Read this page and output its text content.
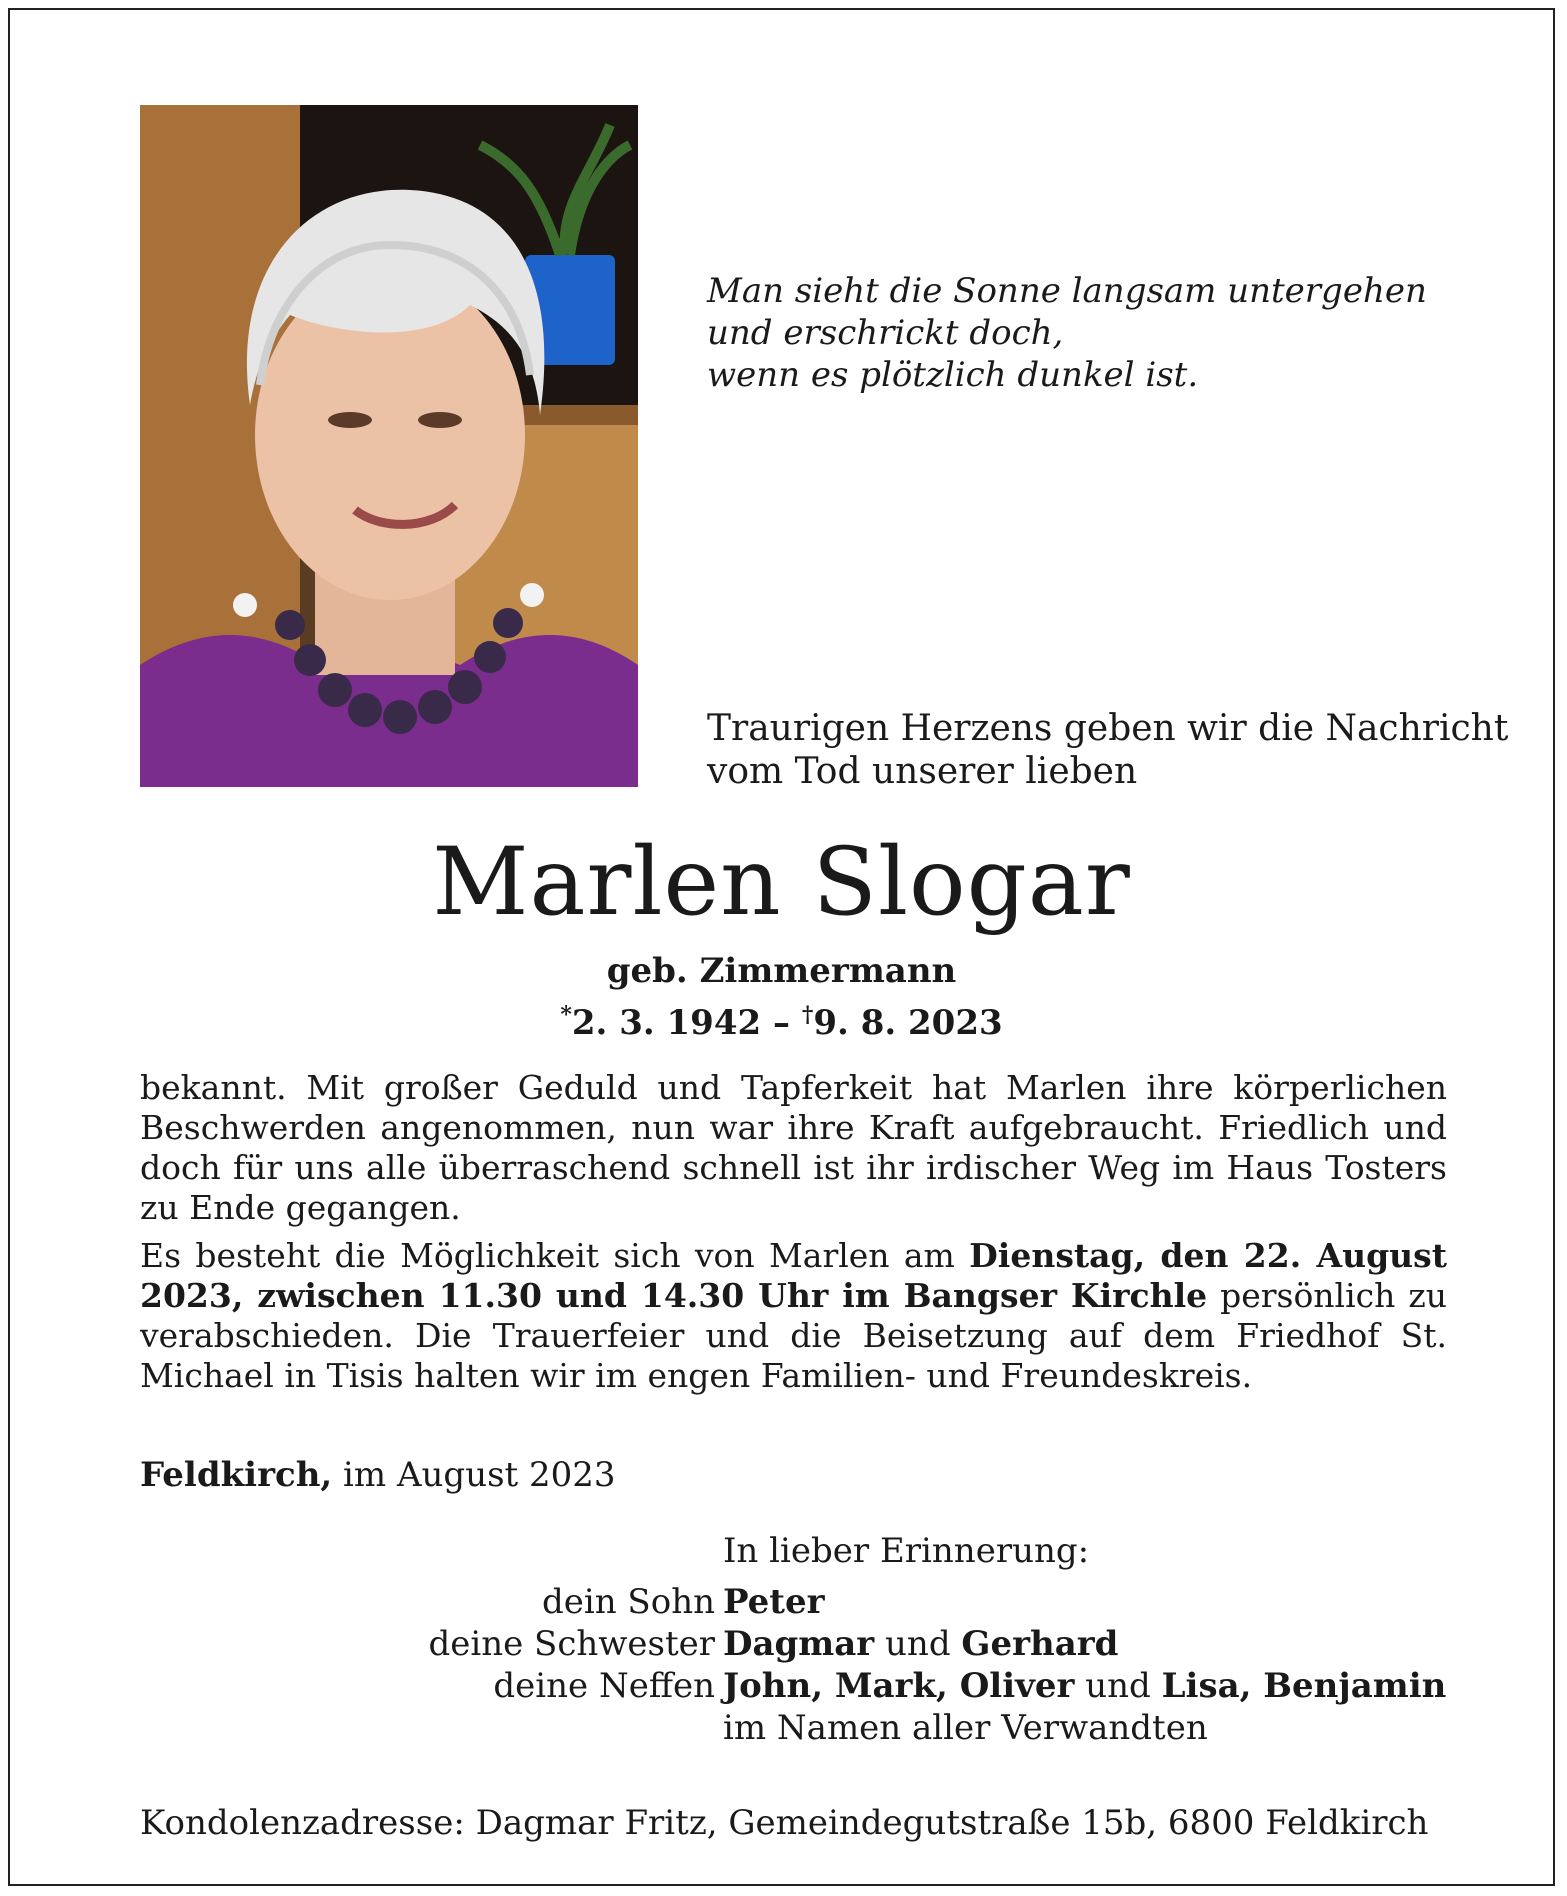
Man sieht die Sonne langsam untergehen
und erschrickt doch,
wenn es plötzlich dunkel ist.
Traurigen Herzens geben wir die Nachricht
vom Tod unserer lieben
Marlen Slogar
geb. Zimmermann
*2. 3. 1942 – †9. 8. 2023

bekannt. Mit großer Geduld und Tapferkeit hat Marlen ihre körperlichen Beschwerden angenommen, nun war ihre Kraft aufgebraucht. Friedlich und doch für uns alle überraschend schnell ist ihr irdischer Weg im Haus Tosters zu Ende gegangen.

Es besteht die Möglichkeit sich von Marlen am Dienstag, den 22. August 2023, zwischen 11.30 und 14.30 Uhr im Bangser Kirchle persönlich zu verabschieden. Die Trauerfeier und die Beisetzung auf dem Friedhof St. Michael in Tisis halten wir im engen Familien- und Freundeskreis.

Feldkirch, im August 2023
In lieber Erinnerung:
dein Sohn Peter
deine Schwester Dagmar und Gerhard
deine Neffen John, Mark, Oliver und Lisa, Benjamin
im Namen aller Verwandten
Kondolenzadresse: Dagmar Fritz, Gemeindegutstraße 15b, 6800 Feldkirch
